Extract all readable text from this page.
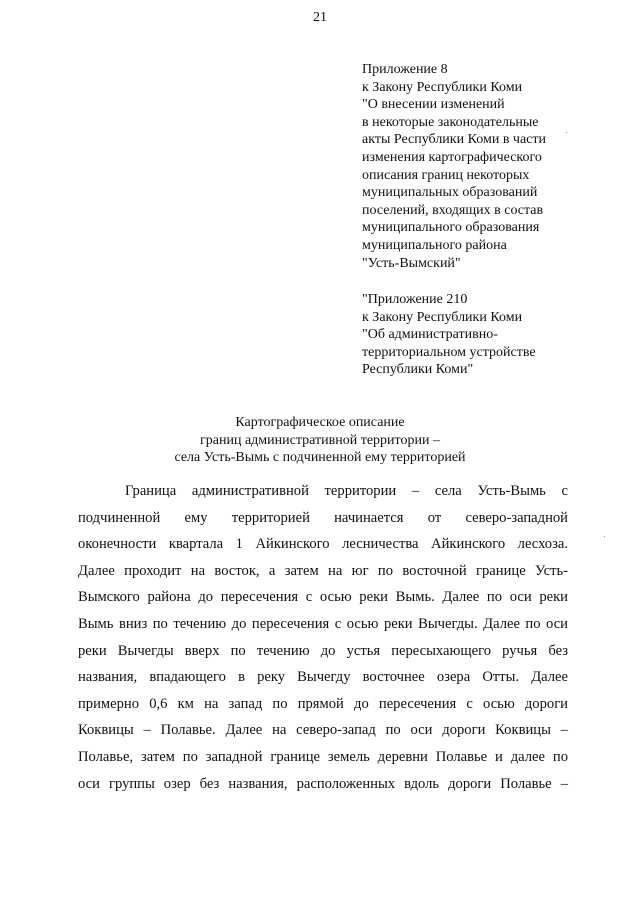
21
Приложение 8
к Закону Республики Коми
"О внесении изменений
в некоторые законодательные
акты Республики Коми в части
изменения картографического
описания границ некоторых
муниципальных образований
поселений, входящих в состав
муниципального образования
муниципального района
"Усть-Вымский"
"Приложение 210
к Закону Республики Коми
"Об административно-
территориальном устройстве
Республики Коми"
Картографическое описание
границ административной территории –
села Усть-Вымь с подчиненной ему территорией
Граница административной территории – села Усть-Вымь с
подчиненной ему территорией начинается от северо-западной
оконечности квартала 1 Айкинского лесничества Айкинского лесхоза.
Далее проходит на восток, а затем на юг по восточной границе Усть-
Вымского района до пересечения с осью реки Вымь. Далее по оси реки
Вымь вниз по течению до пересечения с осью реки Вычегды. Далее по оси
реки Вычегды вверх по течению до устья пересыхающего ручья без
названия, впадающего в реку Вычегду восточнее озера Отты. Далее
примерно 0,6 км на запад по прямой до пересечения с осью дороги
Коквицы – Полавье. Далее на северо-запад по оси дороги Коквицы –
Полавье, затем по западной границе земель деревни Полавье и далее по
оси группы озер без названия, расположенных вдоль дороги Полавье –
